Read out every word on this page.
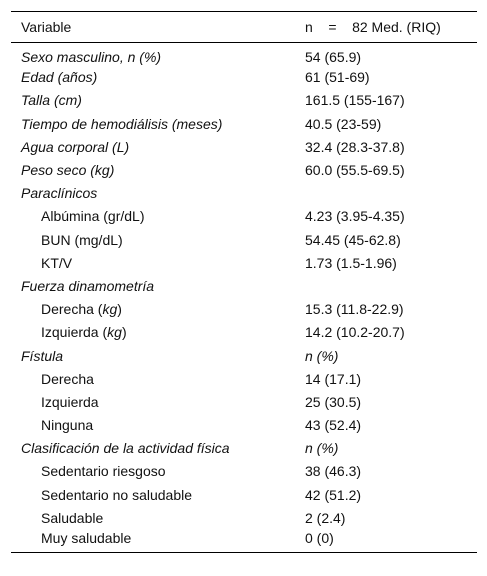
Variable	n    =    82 Med. (RIQ)
Sexo masculino, n (%)	54 (65.9)
Edad (años)	61 (51-69)
Talla (cm)	161.5 (155-167)
Tiempo de hemodiálisis (meses)	40.5 (23-59)
Agua corporal (L)	32.4 (28.3-37.8)
Peso seco (kg)	60.0 (55.5-69.5)
Paraclínicos	
Albúmina (gr/dL)	4.23 (3.95-4.35)
BUN (mg/dL)	54.45 (45-62.8)
KT/V	1.73 (1.5-1.96)
Fuerza dinamometría	
Derecha (kg)	15.3 (11.8-22.9)
Izquierda (kg)	14.2 (10.2-20.7)
Fístula	n (%)
Derecha	14 (17.1)
Izquierda	25 (30.5)
Ninguna	43 (52.4)
Clasificación de la actividad física	n (%)
Sedentario riesgoso	38 (46.3)
Sedentario no saludable	42 (51.2)
Saludable	2 (2.4)
Muy saludable	0 (0)
